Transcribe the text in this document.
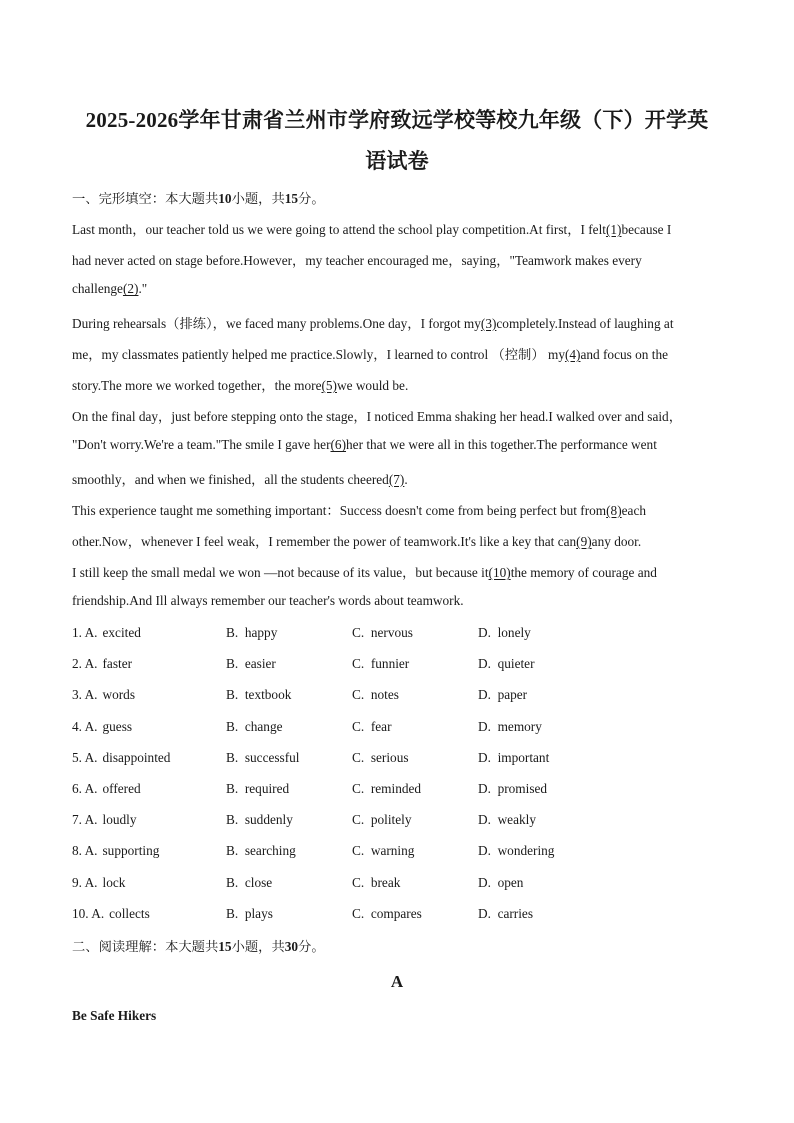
2025-2026学年甘肃省兰州市学府致远学校等校九年级（下）开学英
语试卷
一、完形填空：本大题共10小题，共15分。
Last month，our teacher told us we were going to attend the school play competition.At first，I felt(1)because I
had never acted on stage before.However，my teacher encouraged me，saying，"Teamwork makes every
challenge(2)."
During rehearsals（排练），we faced many problems.One day，I forgot my(3)completely.Instead of laughing at
me，my classmates patiently helped me practice.Slowly，I learned to control （控制） my(4)and focus on the
story.The more we worked together，the more(5)we would be.
On the final day，just before stepping onto the stage，I noticed Emma shaking her head.I walked over and said，
"Don't worry.We're a team."The smile I gave her(6)her that we were all in this together.The performance went
smoothly，and when we finished，all the students cheered(7).
This experience taught me something important：Success doesn't come from being perfect but from(8)each
other.Now，whenever I feel weak，I remember the power of teamwork.It's like a key that can(9)any door.
I still keep the small medal we won —not because of its value，but because it(10)the memory of courage and
friendship.And Ill always remember our teacher's words about teamwork.
1. A. excited	B.  happy	C.  nervous	D.  lonely
2. A. faster	B.  easier	C.  funnier	D.  quieter
3. A. words	B.  textbook	C.  notes	D.  paper
4. A. guess	B.  change	C.  fear	D.  memory
5. A. disappointed	B.  successful	C.  serious	D.  important
6. A. offered	B.  required	C.  reminded	D.  promised
7. A. loudly	B.  suddenly	C.  politely	D.  weakly
8. A. supporting	B.  searching	C.  warning	D.  wondering
9. A. lock	B.  close	C.  break	D.  open
10. A. collects	B.  plays	C.  compares	D.  carries
二、阅读理解：本大题共15小题，共30分。
A
Be Safe Hikers
